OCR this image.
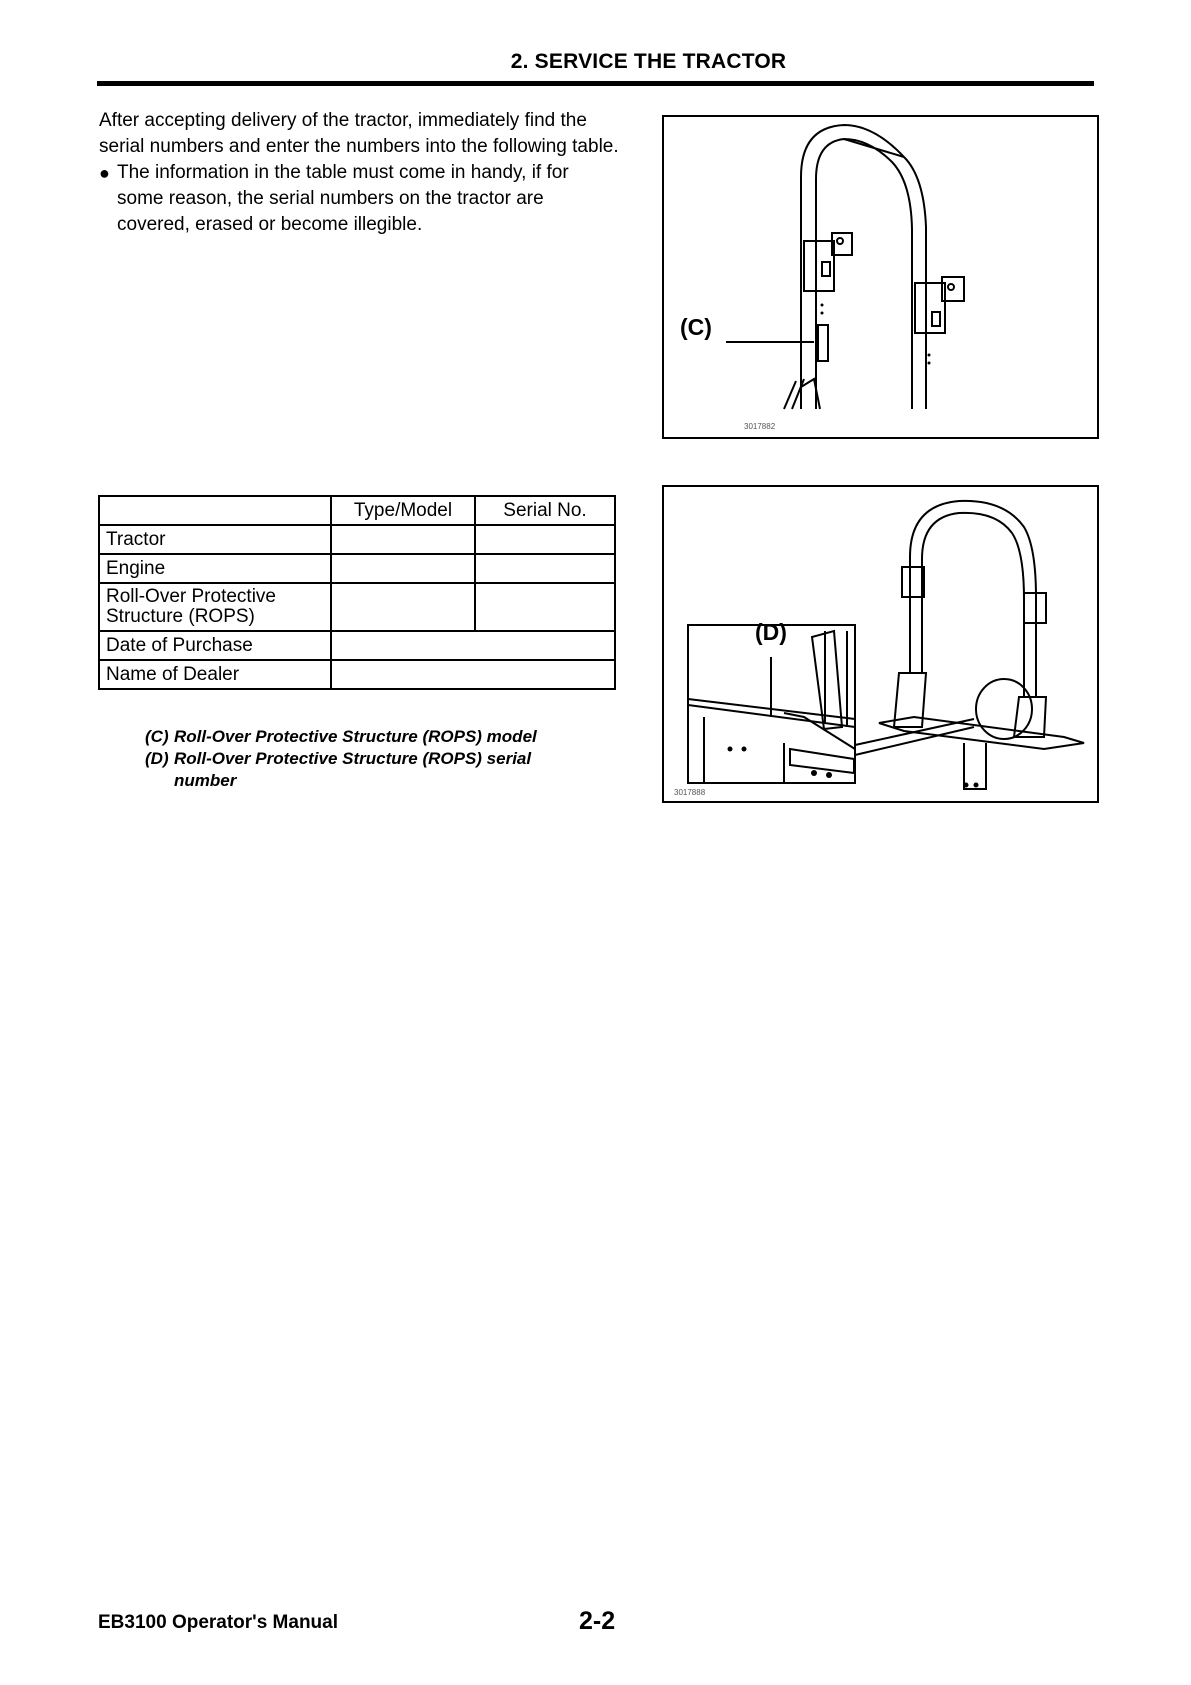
2. SERVICE THE TRACTOR

After accepting delivery of the tractor, immediately find the serial numbers and enter the numbers into the following table.

● The information in the table must come in handy, if for some reason, the serial numbers on the tractor are covered, erased or become illegible.
(C)
3017882
	Type/Model	Serial No.
Tractor		
Engine		

Roll-Over Protective
Structure (ROPS)		

Date of Purchase		
Name of Dealer		
(D)
3017888
(C) Roll-Over Protective Structure (ROPS) model
(D) Roll-Over Protective Structure (ROPS) serial
number
EB3100 Operator's Manual	2-2
